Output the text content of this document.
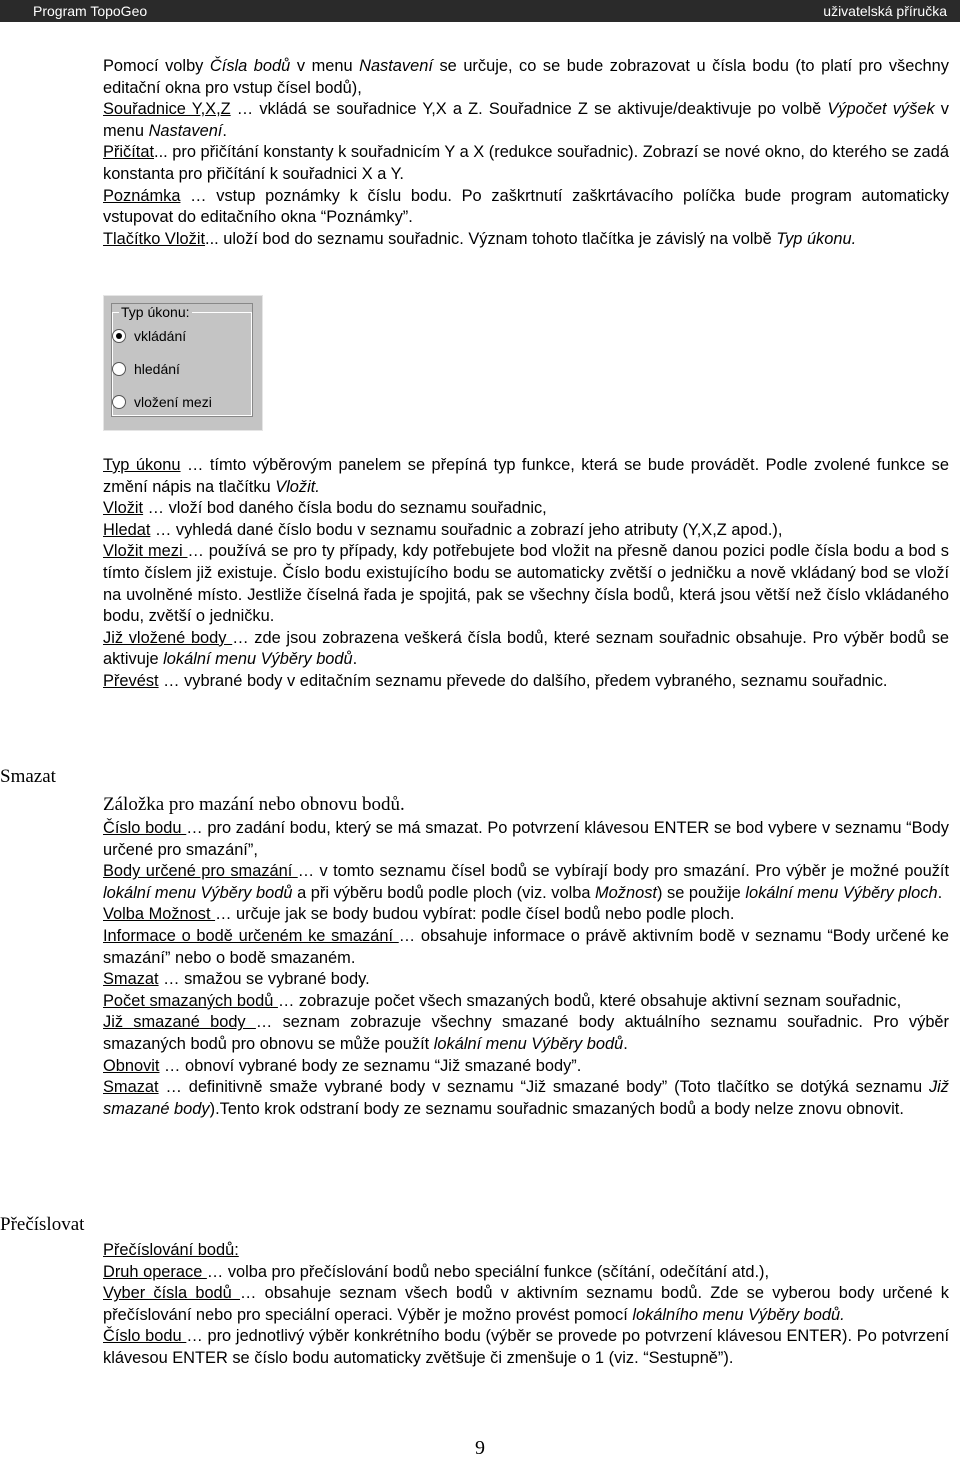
Program TopoGeo	uživatelská příručka

Pomocí volby Čísla bodů v menu Nastavení se určuje, co se bude zobrazovat u čísla bodu (to platí pro všechny editační okna pro vstup čísel bodů),

Souřadnice Y,X,Z … vkládá se souřadnice Y,X a Z. Souřadnice Z se aktivuje/deaktivuje po volbě Výpočet výšek v menu Nastavení.

Přičítat... pro přičítání konstanty k souřadnicím Y a X (redukce souřadnic). Zobrazí se nové okno, do kterého se zadá konstanta pro přičítání k souřadnici X a Y.

Poznámka … vstup poznámky k číslu bodu. Po zaškrtnutí zaškrtávacího políčka bude program automaticky vstupovat do editačního okna “Poznámky”.

Tlačítko Vložit... uloží bod do seznamu souřadnic. Význam tohoto tlačítka je závislý na volbě Typ úkonu.

Typ úkonu:
vkládání
hledání
vložení mezi

Typ úkonu … tímto výběrovým panelem se přepíná typ funkce, která se bude provádět. Podle zvolené funkce se změní nápis na tlačítku Vložit.

Vložit … vloží bod daného čísla bodu do seznamu souřadnic,

Hledat … vyhledá dané číslo bodu v seznamu souřadnic a zobrazí jeho atributy (Y,X,Z apod.),

Vložit mezi … používá se pro ty případy, kdy potřebujete bod vložit na přesně danou pozici podle čísla bodu a bod s tímto číslem již existuje. Číslo bodu existujícího bodu se automaticky zvětší o jedničku a nově vkládaný bod se vloží na uvolněné místo. Jestliže číselná řada je spojitá, pak se všechny čísla bodů, která jsou větší než číslo vkládaného bodu, zvětší o jedničku.

Již vložené body … zde jsou zobrazena veškerá čísla bodů, které seznam souřadnic obsahuje. Pro výběr bodů se aktivuje lokální menu Výběry bodů.

Převést … vybrané body v editačním seznamu převede do dalšího, předem vybraného, seznamu souřadnic.

Smazat

Záložka pro mazání nebo obnovu bodů.

Číslo bodu … pro zadání bodu, který se má smazat. Po potvrzení klávesou ENTER se bod vybere v seznamu “Body určené pro smazání”,

Body určené pro smazání … v tomto seznamu čísel bodů se vybírají body pro smazání. Pro výběr je možné použít lokální menu Výběry bodů a při výběru bodů podle ploch (viz. volba Možnost) se použije lokální menu Výběry ploch.

Volba Možnost … určuje jak se body budou vybírat: podle čísel bodů nebo podle ploch.

Informace o bodě určeném ke smazání … obsahuje informace o právě aktivním bodě v seznamu “Body určené ke smazání” nebo o bodě smazaném.

Smazat … smažou se vybrané body.

Počet smazaných bodů … zobrazuje počet všech smazaných bodů, které obsahuje aktivní seznam souřadnic,

Již smazané body … seznam zobrazuje všechny smazané body aktuálního seznamu souřadnic. Pro výběr smazaných bodů pro obnovu se může použít lokální menu Výběry bodů.

Obnovit … obnoví vybrané body ze seznamu “Již smazané body”.

Smazat … definitivně smaže vybrané body v seznamu “Již smazané body” (Toto tlačítko se dotýká seznamu Již smazané body).Tento krok odstraní body ze seznamu souřadnic smazaných bodů a body nelze znovu obnovit.

Přečíslovat

Přečíslování bodů:

Druh operace … volba pro přečíslování bodů nebo speciální funkce (sčítání, odečítání atd.),

Vyber čísla bodů … obsahuje seznam všech bodů v aktivním seznamu bodů. Zde se vyberou body určené k přečíslování nebo pro speciální operaci. Výběr je možno provést pomocí lokálního menu Výběry bodů.

Číslo bodu … pro jednotlivý výběr konkrétního bodu (výběr se provede po potvrzení klávesou ENTER). Po potvrzení klávesou ENTER se číslo bodu automaticky zvětšuje či zmenšuje o 1 (viz. “Sestupně”).

9
